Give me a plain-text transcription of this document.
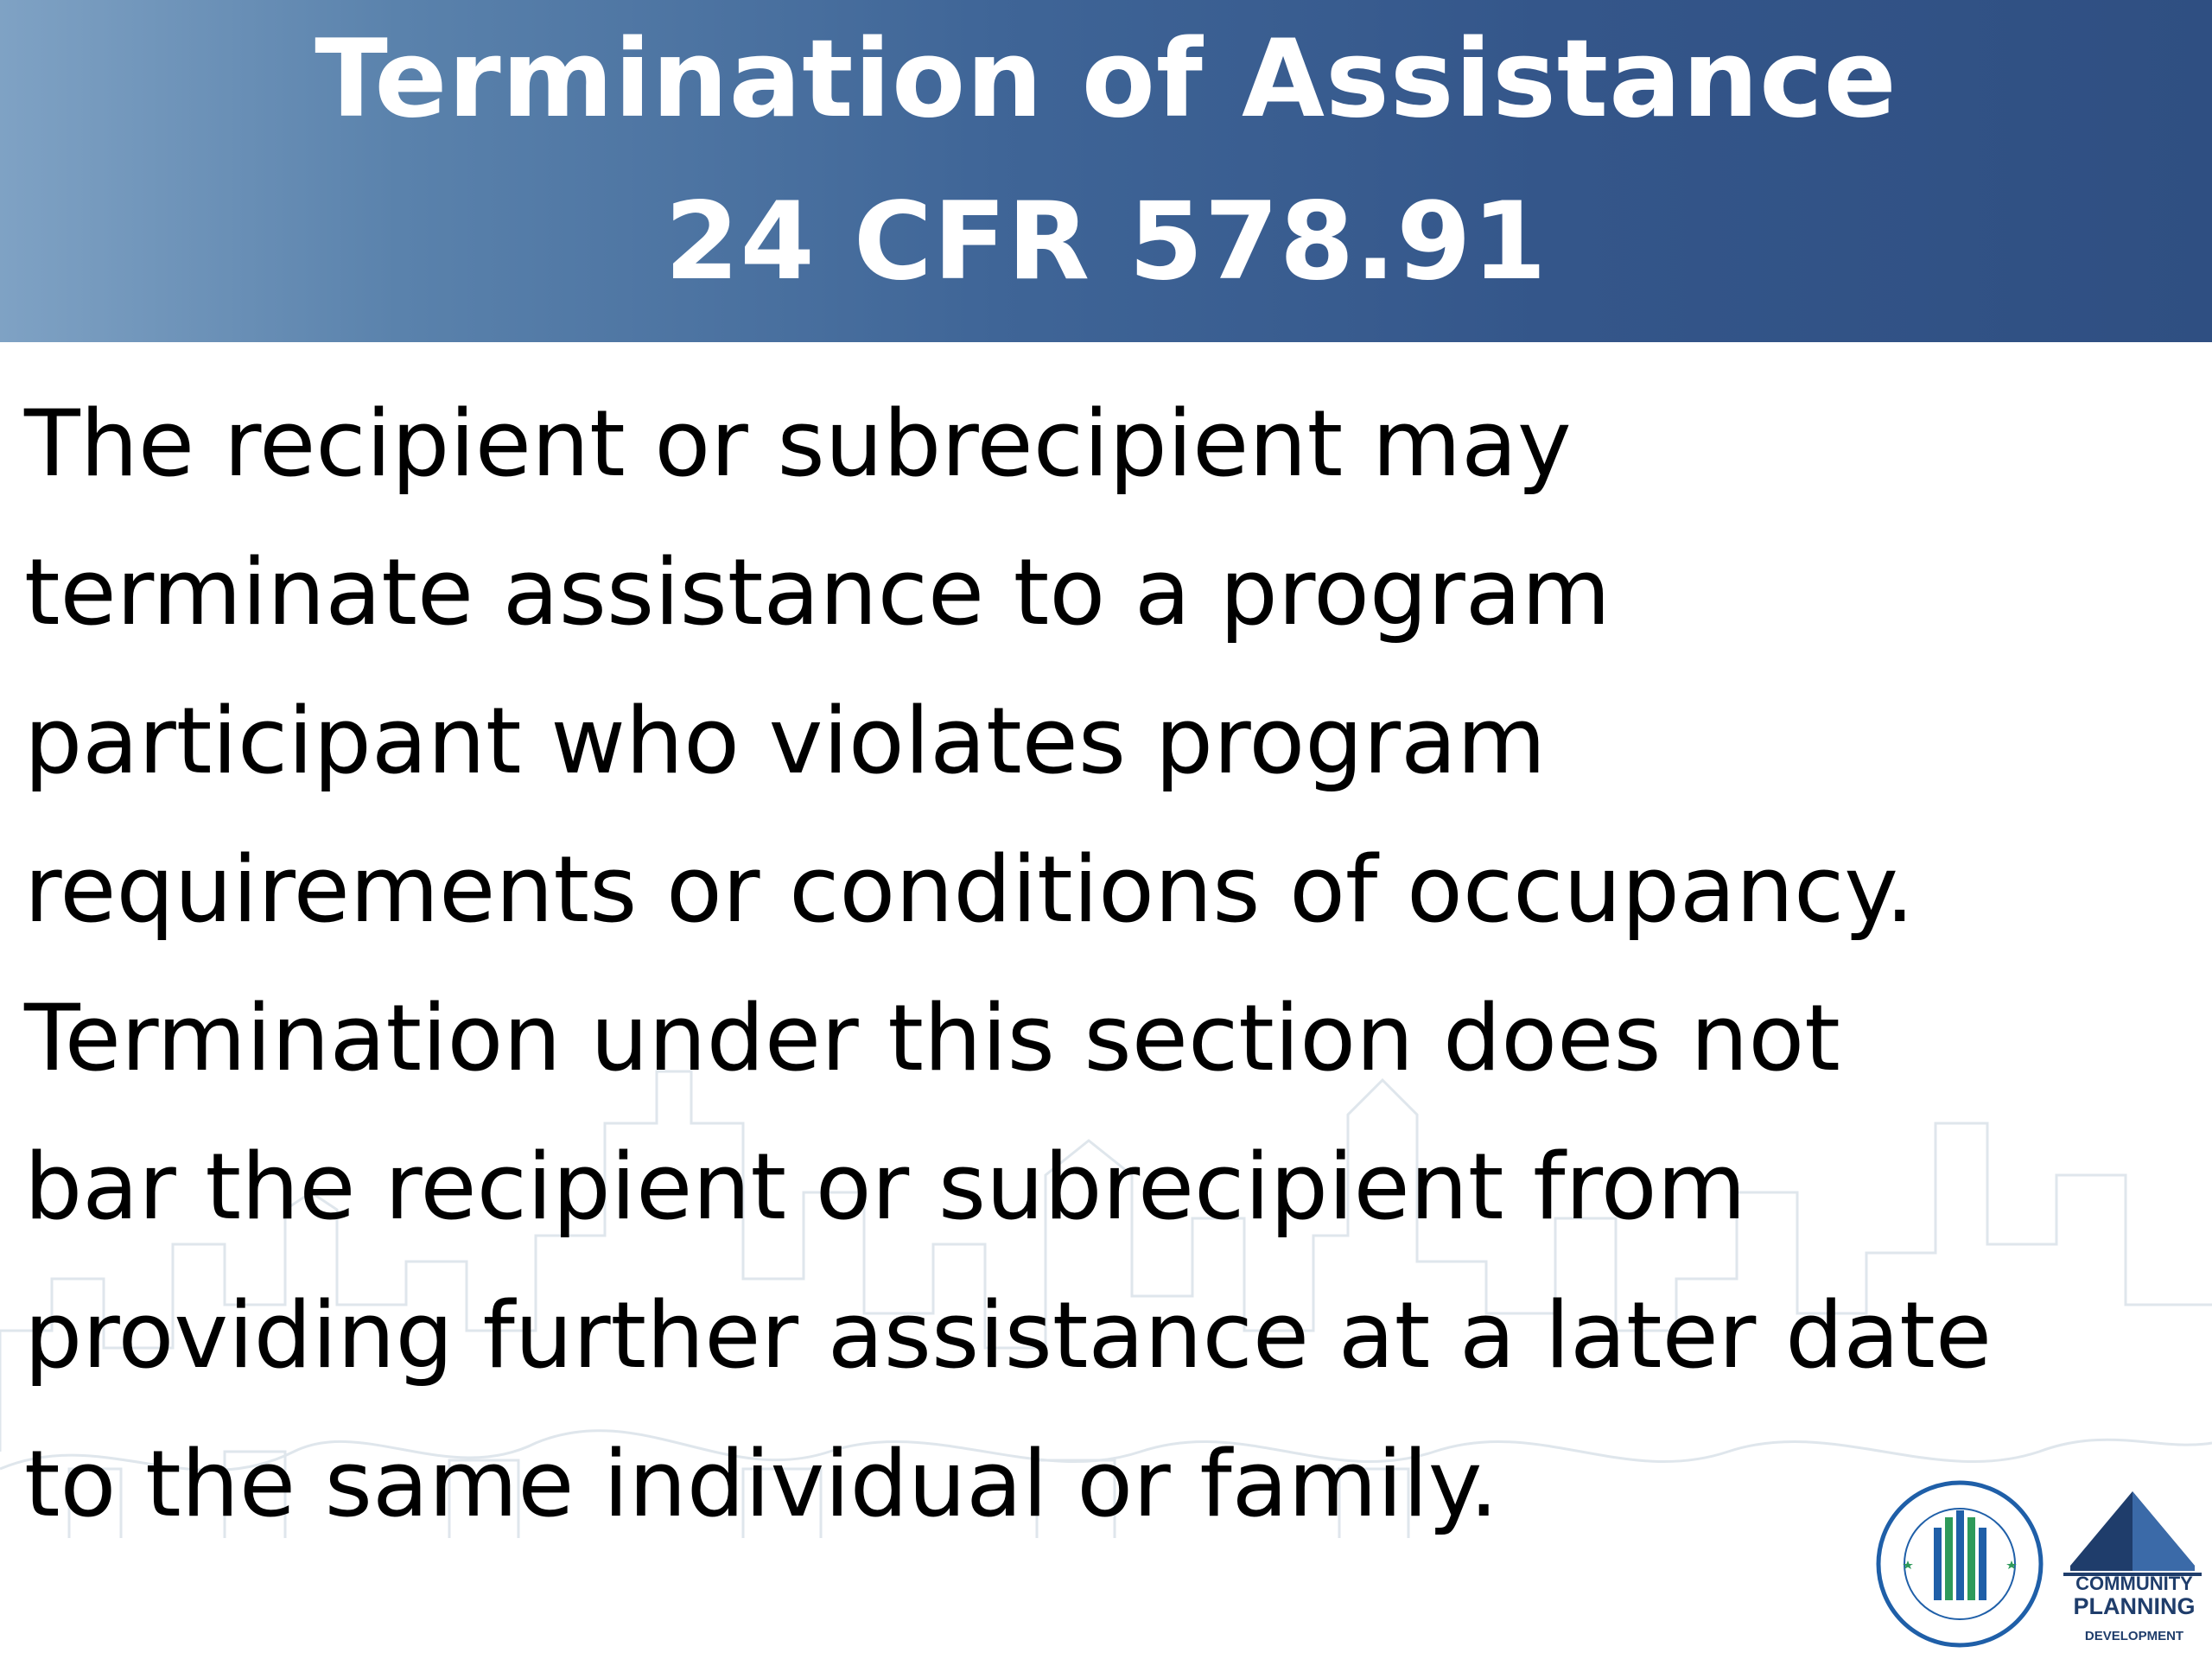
Termination of Assistance
24 CFR 578.91
The recipient or subrecipient may
terminate assistance to a program
participant who violates program
requirements or conditions of occupancy.
Termination under this section does not
bar the recipient or subrecipient from
providing further assistance at a later date
to the same individual or family.
COMMUNITY
PLANNING
DEVELOPMENT
